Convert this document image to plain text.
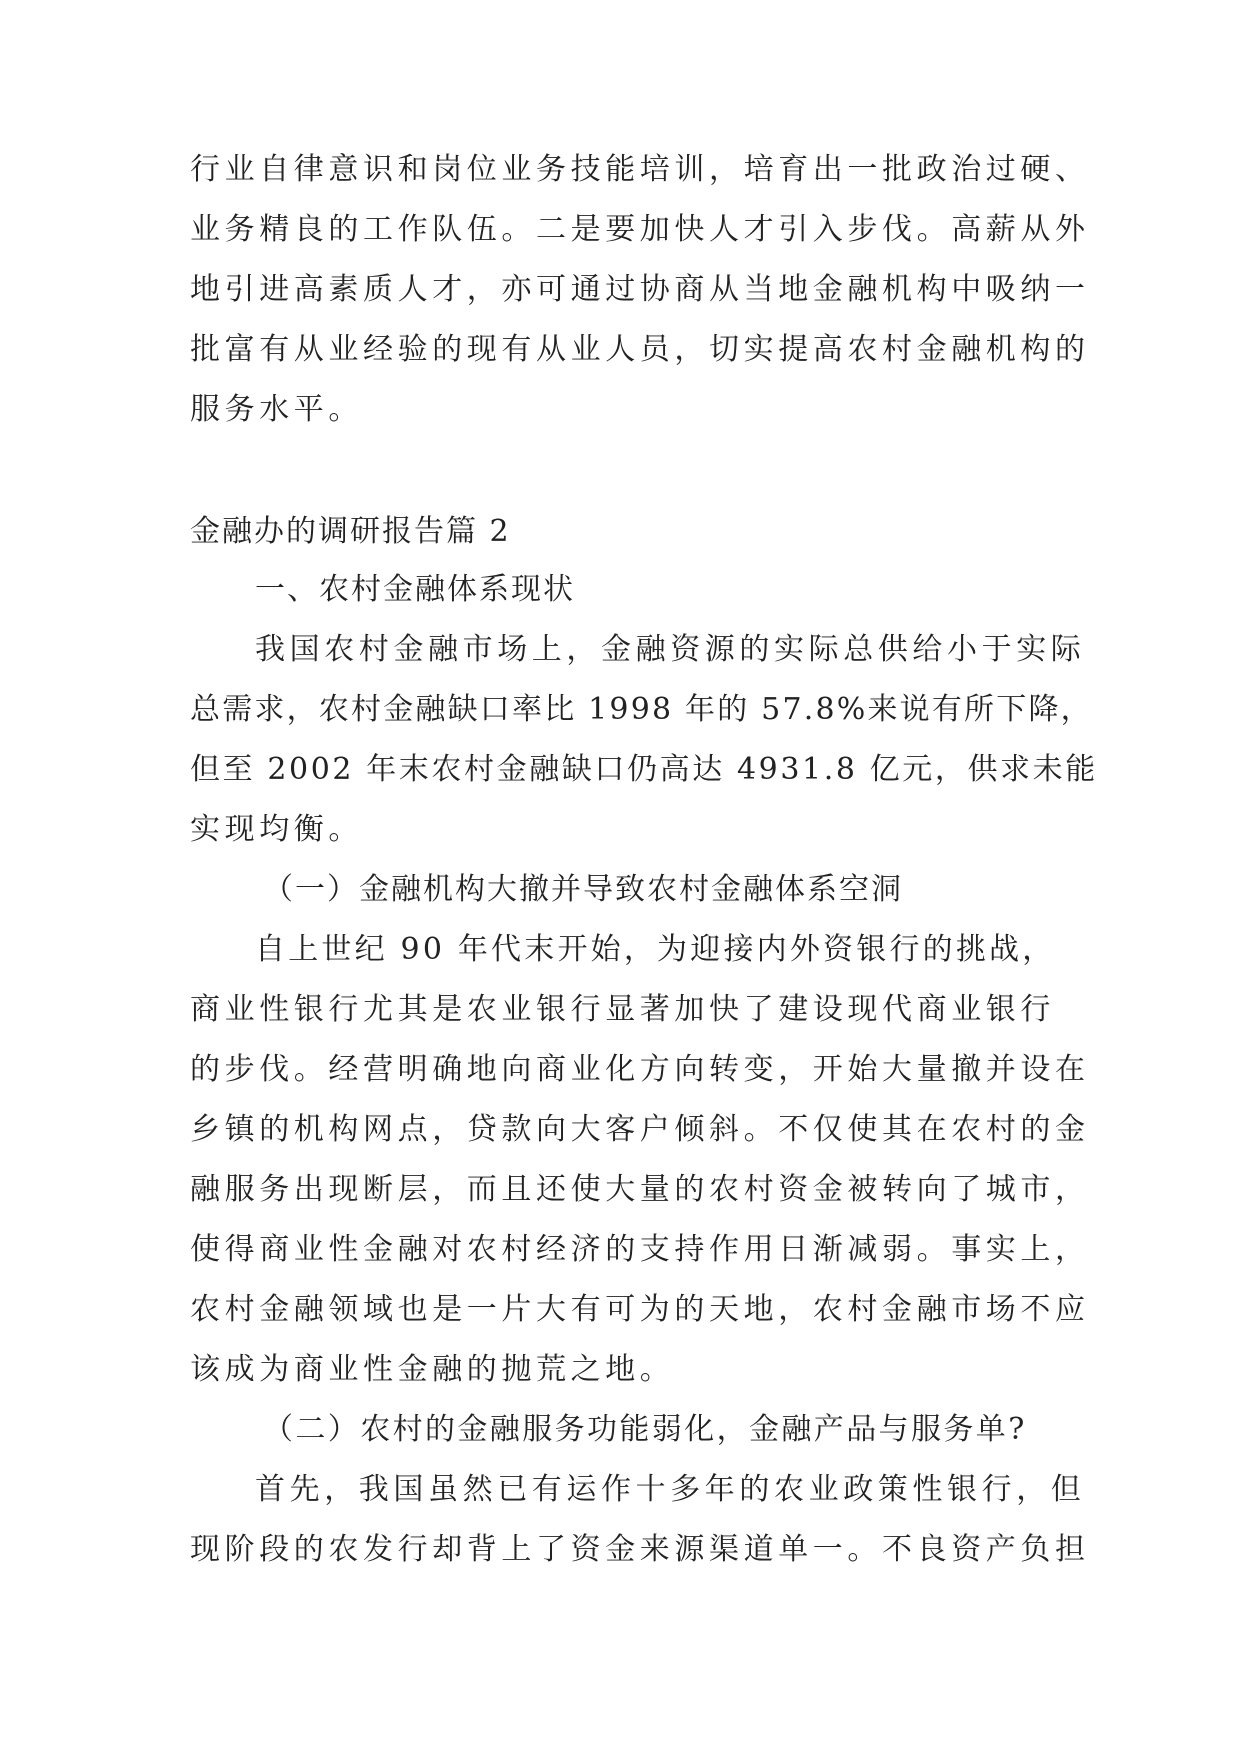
行业自律意识和岗位业务技能培训，培育出一批政治过硬、
业务精良的工作队伍。二是要加快人才引入步伐。高薪从外
地引进高素质人才，亦可通过协商从当地金融机构中吸纳一
批富有从业经验的现有从业人员，切实提高农村金融机构的
服务水平。
金融办的调研报告篇 2
一、农村金融体系现状
我国农村金融市场上，金融资源的实际总供给小于实际
总需求，农村金融缺口率比 1998 年的 57.8%来说有所下降，
但至 2002 年末农村金融缺口仍高达 4931.8 亿元，供求未能
实现均衡。
（一）金融机构大撤并导致农村金融体系空洞
自上世纪 90 年代末开始，为迎接内外资银行的挑战，
商业性银行尤其是农业银行显著加快了建设现代商业银行
的步伐。经营明确地向商业化方向转变，开始大量撤并设在
乡镇的机构网点，贷款向大客户倾斜。不仅使其在农村的金
融服务出现断层，而且还使大量的农村资金被转向了城市，
使得商业性金融对农村经济的支持作用日渐减弱。事实上，
农村金融领域也是一片大有可为的天地，农村金融市场不应
该成为商业性金融的抛荒之地。
（二）农村的金融服务功能弱化，金融产品与服务单?
首先，我国虽然已有运作十多年的农业政策性银行，但
现阶段的农发行却背上了资金来源渠道单一。不良资产负担
